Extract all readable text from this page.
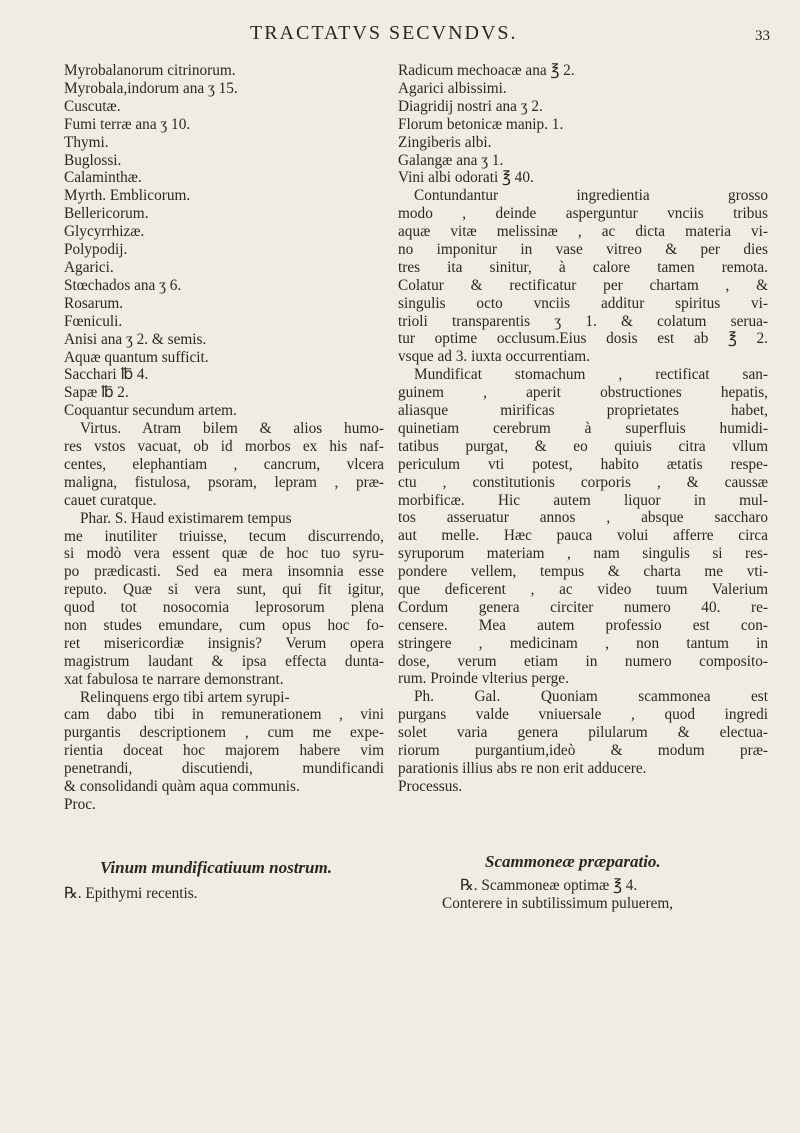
TRACTATVS SECVNDVS.	33
Myrobalanorum citrinorum.
Myrobala,indorum ana ʒ 15.
Cuscutæ.
Fumi terræ ana ʒ 10.
Thymi.
Buglossi.
Calaminthæ.
Myrth. Emblicorum.
Bellericorum.
Glycyrrhizæ.
Polypodij.
Agarici.
Stœchados ana ʒ 6.
Rosarum.
Fœniculi.
Anisi ana ʒ 2. & semis.
Aquæ quantum sufficit.
Sacchari ℔ 4.
Sapæ ℔ 2.
Coquantur secundum artem.
Virtus. Atram bilem & alios humo-
res vstos vacuat, ob id morbos ex his naf-
centes, elephantiam , cancrum, vlcera
maligna, fistulosa, psoram, lepram , præ-
cauet curatque.
Phar. S. Haud existimarem tempus
me inutiliter triuisse, tecum discurrendo,
si modò vera essent quæ de hoc tuo syru-
po prædicasti. Sed ea mera insomnia esse
reputo. Quæ si vera sunt, qui fit igitur,
quod tot nosocomia leprosorum plena
non studes emundare, cum opus hoc fo-
ret misericordiæ insignis? Verum opera
magistrum laudant & ipsa effecta dunta-
xat fabulosa te narrare demonstrant.
Relinquens ergo tibi artem syrupi-
cam dabo tibi in remunerationem , vini
purgantis descriptionem , cum me expe-
rientia doceat hoc majorem habere vim
penetrandi, discutiendi, mundificandi
& consolidandi quàm aqua communis.
Proc.
Radicum mechoacæ ana ℥ 2.
Agarici albissimi.
Diagridij nostri ana ʒ 2.
Florum betonicæ manip. 1.
Zingiberis albi.
Galangæ ana ʒ 1.
Vini albi odorati ℥ 40.
Contundantur ingredientia grosso
modo , deinde asperguntur vnciis tribus
aquæ vitæ melissinæ , ac dicta materia vi-
no imponitur in vase vitreo & per dies
tres ita sinitur, à calore tamen remota.
Colatur & rectificatur per chartam , &
singulis octo vnciis additur spiritus vi-
trioli transparentis ʒ 1. & colatum serua-
tur optime occlusum.Eius dosis est ab ℥ 2.
vsque ad 3. iuxta occurrentiam.
Mundificat stomachum , rectificat san-
guinem , aperit obstructiones hepatis,
aliasque mirificas proprietates habet,
quinetiam cerebrum à superfluis humidi-
tatibus purgat, & eo quiuis citra vllum
periculum vti potest, habito ætatis respe-
ctu , constitutionis corporis , & caussæ
morbificæ. Hic autem liquor in mul-
tos asseruatur annos , absque saccharo
aut melle. Hæc pauca volui afferre circa
syruporum materiam , nam singulis si res-
pondere vellem, tempus & charta me vti-
que deficerent , ac video tuum Valerium
Cordum genera circiter numero 40. re-
censere. Mea autem professio est con-
stringere , medicinam , non tantum in
dose, verum etiam in numero composito-
rum. Proinde vlterius perge.
Ph. Gal. Quoniam scammonea est
purgans valde vniuersale , quod ingredi
solet varia genera pilularum & electua-
riorum purgantium,ideò & modum præ-
parationis illius abs re non erit adducere.
Processus.
Vinum mundificatiuum nostrum.
℞. Epithymi recentis.
Scammoneæ præparatio.
℞. Scammoneæ optimæ ℥ 4.
Conterere in subtilissimum puluerem,
